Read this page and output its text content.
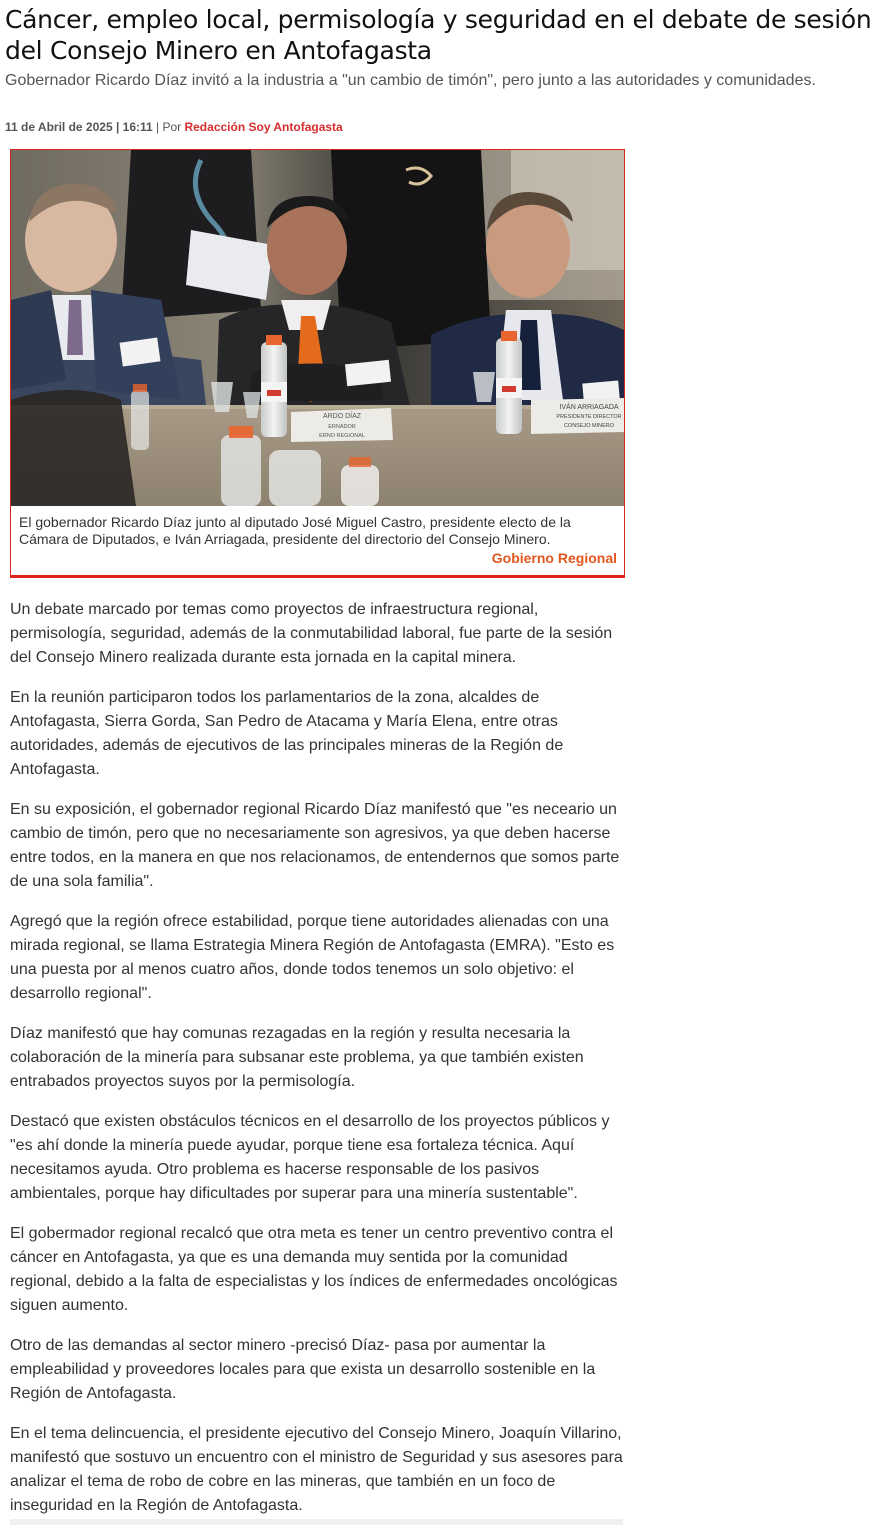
Cáncer, empleo local, permisología y seguridad en el debate de sesión del Consejo Minero en Antofagasta

Gobernador Ricardo Díaz invitó a la industria a "un cambio de timón", pero junto a las autoridades y comunidades.

11 de Abril de 2025 | 16:11 | Por Redacción Soy Antofagasta
ARDO DÍAZ
ERNADOR
ERNO REGIONAL
IVÁN ARRIAGADA
PRESIDENTE DIRECTOR
CONSEJO MINERO
El gobernador Ricardo Díaz junto al diputado José Miguel Castro, presidente electo de la Cámara de Diputados, e Iván Arriagada, presidente del directorio del Consejo Minero.
Gobierno Regional

Un debate marcado por temas como proyectos de infraestructura regional, permisología, seguridad, además de la conmutabilidad laboral, fue parte de la sesión del Consejo Minero realizada durante esta jornada en la capital minera.

En la reunión participaron todos los parlamentarios de la zona, alcaldes de Antofagasta, Sierra Gorda, San Pedro de Atacama y María Elena, entre otras autoridades, además de ejecutivos de las principales mineras de la Región de Antofagasta.

En su exposición, el gobernador regional Ricardo Díaz manifestó que "es neceario un cambio de timón, pero que no necesariamente son agresivos, ya que deben hacerse entre todos, en la manera en que nos relacionamos, de entendernos que somos parte de una sola familia".

Agregó que la región ofrece estabilidad, porque tiene autoridades alienadas con una mirada regional, se llama Estrategia Minera Región de Antofagasta (EMRA). "Esto es una puesta por al menos cuatro años, donde todos tenemos un solo objetivo: el desarrollo regional".

Díaz manifestó que hay comunas rezagadas en la región y resulta necesaria la colaboración de la minería para subsanar este problema, ya que también existen entrabados proyectos suyos por la permisología.

Destacó que existen obstáculos técnicos en el desarrollo de los proyectos públicos y "es ahí donde la minería puede ayudar, porque tiene esa fortaleza técnica. Aquí necesitamos ayuda. Otro problema es hacerse responsable de los pasivos ambientales, porque hay dificultades por superar para una minería sustentable".

El gobermador regional recalcó que otra meta es tener un centro preventivo contra el cáncer en Antofagasta, ya que es una demanda muy sentida por la comunidad regional, debido a la falta de especialistas y los índices de enfermedades oncológicas siguen aumento.

Otro de las demandas al sector minero -precisó Díaz- pasa por aumentar la empleabilidad y proveedores locales para que exista un desarrollo sostenible en la Región de Antofagasta.

En el tema delincuencia, el presidente ejecutivo del Consejo Minero, Joaquín Villarino, manifestó que sostuvo un encuentro con el ministro de Seguridad y sus asesores para analizar el tema de robo de cobre en las mineras, que también en un foco de inseguridad en la Región de Antofagasta.
